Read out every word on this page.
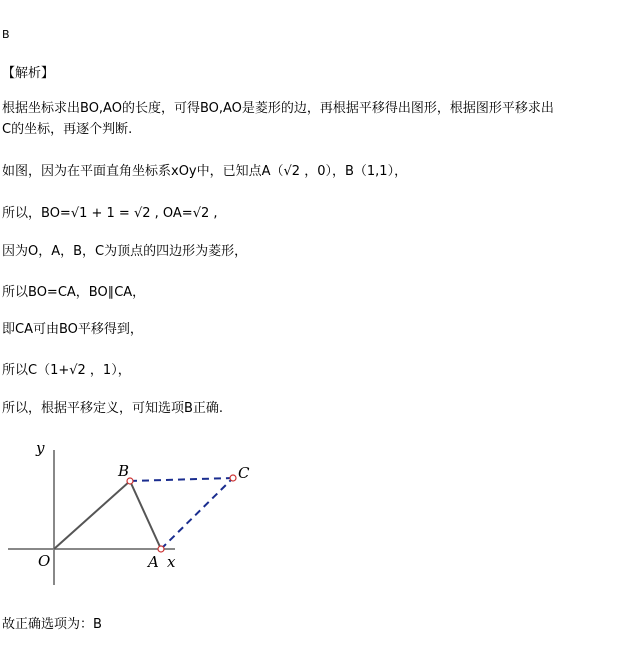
B
【解析】
根据坐标求出BO,AO的长度，可得BO,AO是菱形的边，再根据平移得出图形，根据图形平移求出
C的坐标，再逐个判断.
如图，因为在平面直角坐标系xOy中，已知点A（√2 ，0），B（1,1），
所以，BO=√1 + 1 = √2 , OA=√2 ,
因为O，A，B，C为顶点的四边形为菱形，
所以BO=CA，BO∥CA，
即CA可由BO平移得到，
所以C（1+√2 ，1），
所以，根据平移定义，可知选项B正确.
y
x
O	A
B	C
故正确选项为：B
